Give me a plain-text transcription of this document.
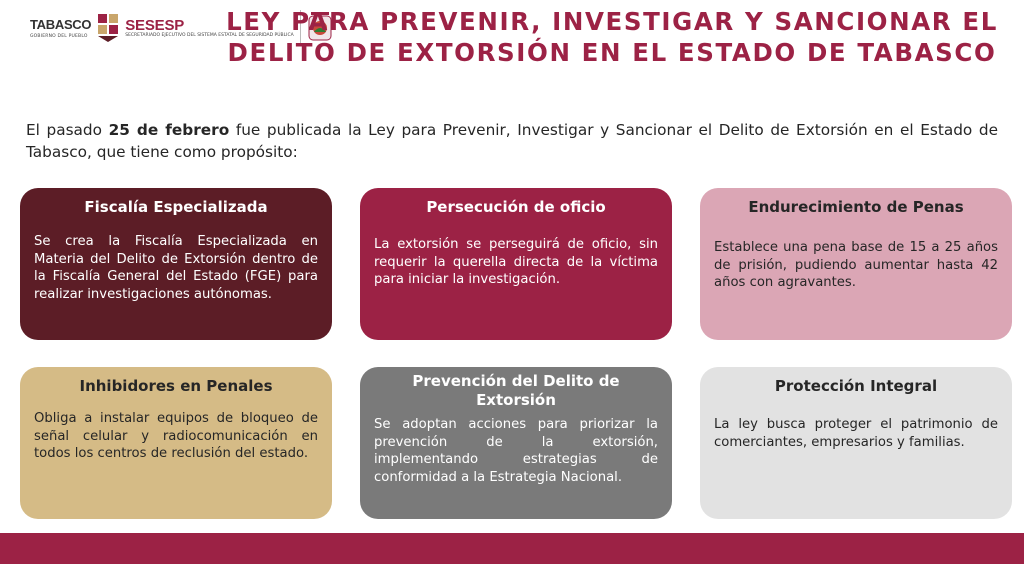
TABASCO
GOBIERNO DEL PUEBLO
SESESP
SECRETARIADO EJECUTIVO DEL SISTEMA ESTATAL DE SEGURIDAD PÚBLICA
LEY PARA PREVENIR, INVESTIGAR Y SANCIONAR EL DELITO DE EXTORSIÓN EN EL ESTADO DE TABASCO

El pasado 25 de febrero fue publicada la Ley para Prevenir, Investigar y Sancionar el Delito de Extorsión en el Estado de Tabasco, que tiene como propósito:

Fiscalía Especializada

Se crea la Fiscalía Especializada en Materia del Delito de Extorsión dentro de la Fiscalía General del Estado (FGE) para realizar investigaciones autónomas.

Persecución de oficio

La extorsión se perseguirá de oficio, sin requerir la querella directa de la víctima para iniciar la investigación.

Endurecimiento de Penas

Establece una pena base de 15 a 25 años de prisión, pudiendo aumentar hasta 42 años con agravantes.

Inhibidores en Penales

Obliga a instalar equipos de bloqueo de señal celular y radiocomunicación en todos los centros de reclusión del estado.

Prevención del Delito de Extorsión

Se adoptan acciones para priorizar la prevención de la extorsión, implementando estrategias de conformidad a la Estrategia Nacional.

Protección Integral

La ley busca proteger el patrimonio de comerciantes, empresarios y familias.
